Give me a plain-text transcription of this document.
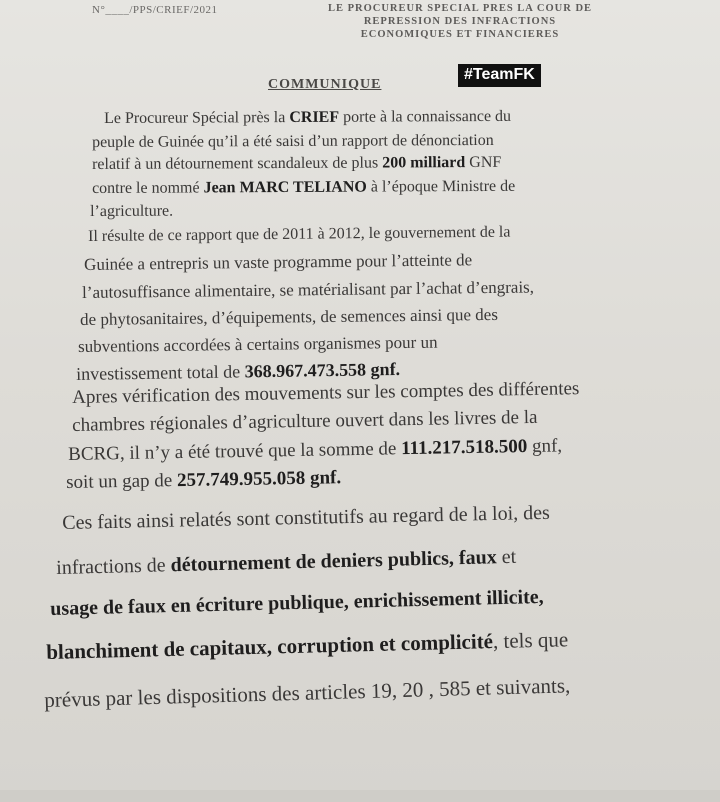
N°____/PPS/CRIEF/2021	LE PROCUREUR SPECIAL PRES LA COUR DE
REPRESSION DES INFRACTIONS
ECONOMIQUES ET FINANCIERES
COMMUNIQUE
#TeamFK
Le Procureur Spécial près la CRIEF porte à la connaissance du
peuple de Guinée qu’il a été saisi d’un rapport de dénonciation
relatif à un détournement scandaleux de plus 200 milliard GNF
contre le nommé Jean MARC TELIANO à l’époque Ministre de
l’agriculture.
Il résulte de ce rapport que de 2011 à 2012, le gouvernement de la
Guinée a entrepris un vaste programme pour l’atteinte de
l’autosuffisance alimentaire, se matérialisant par l’achat d’engrais,
de phytosanitaires, d’équipements, de semences ainsi que des
subventions accordées à certains organismes pour un
investissement total de 368.967.473.558 gnf.
Apres vérification des mouvements sur les comptes des différentes
chambres régionales d’agriculture ouvert dans les livres de la
BCRG, il n’y a été trouvé que la somme de 111.217.518.500 gnf,
soit un gap de 257.749.955.058 gnf.
Ces faits ainsi relatés sont constitutifs au regard de la loi, des
infractions de détournement de deniers publics, faux et
usage de faux en écriture publique, enrichissement illicite,
blanchiment de capitaux, corruption et complicité, tels que
prévus par les dispositions des articles 19, 20 , 585 et suivants,
